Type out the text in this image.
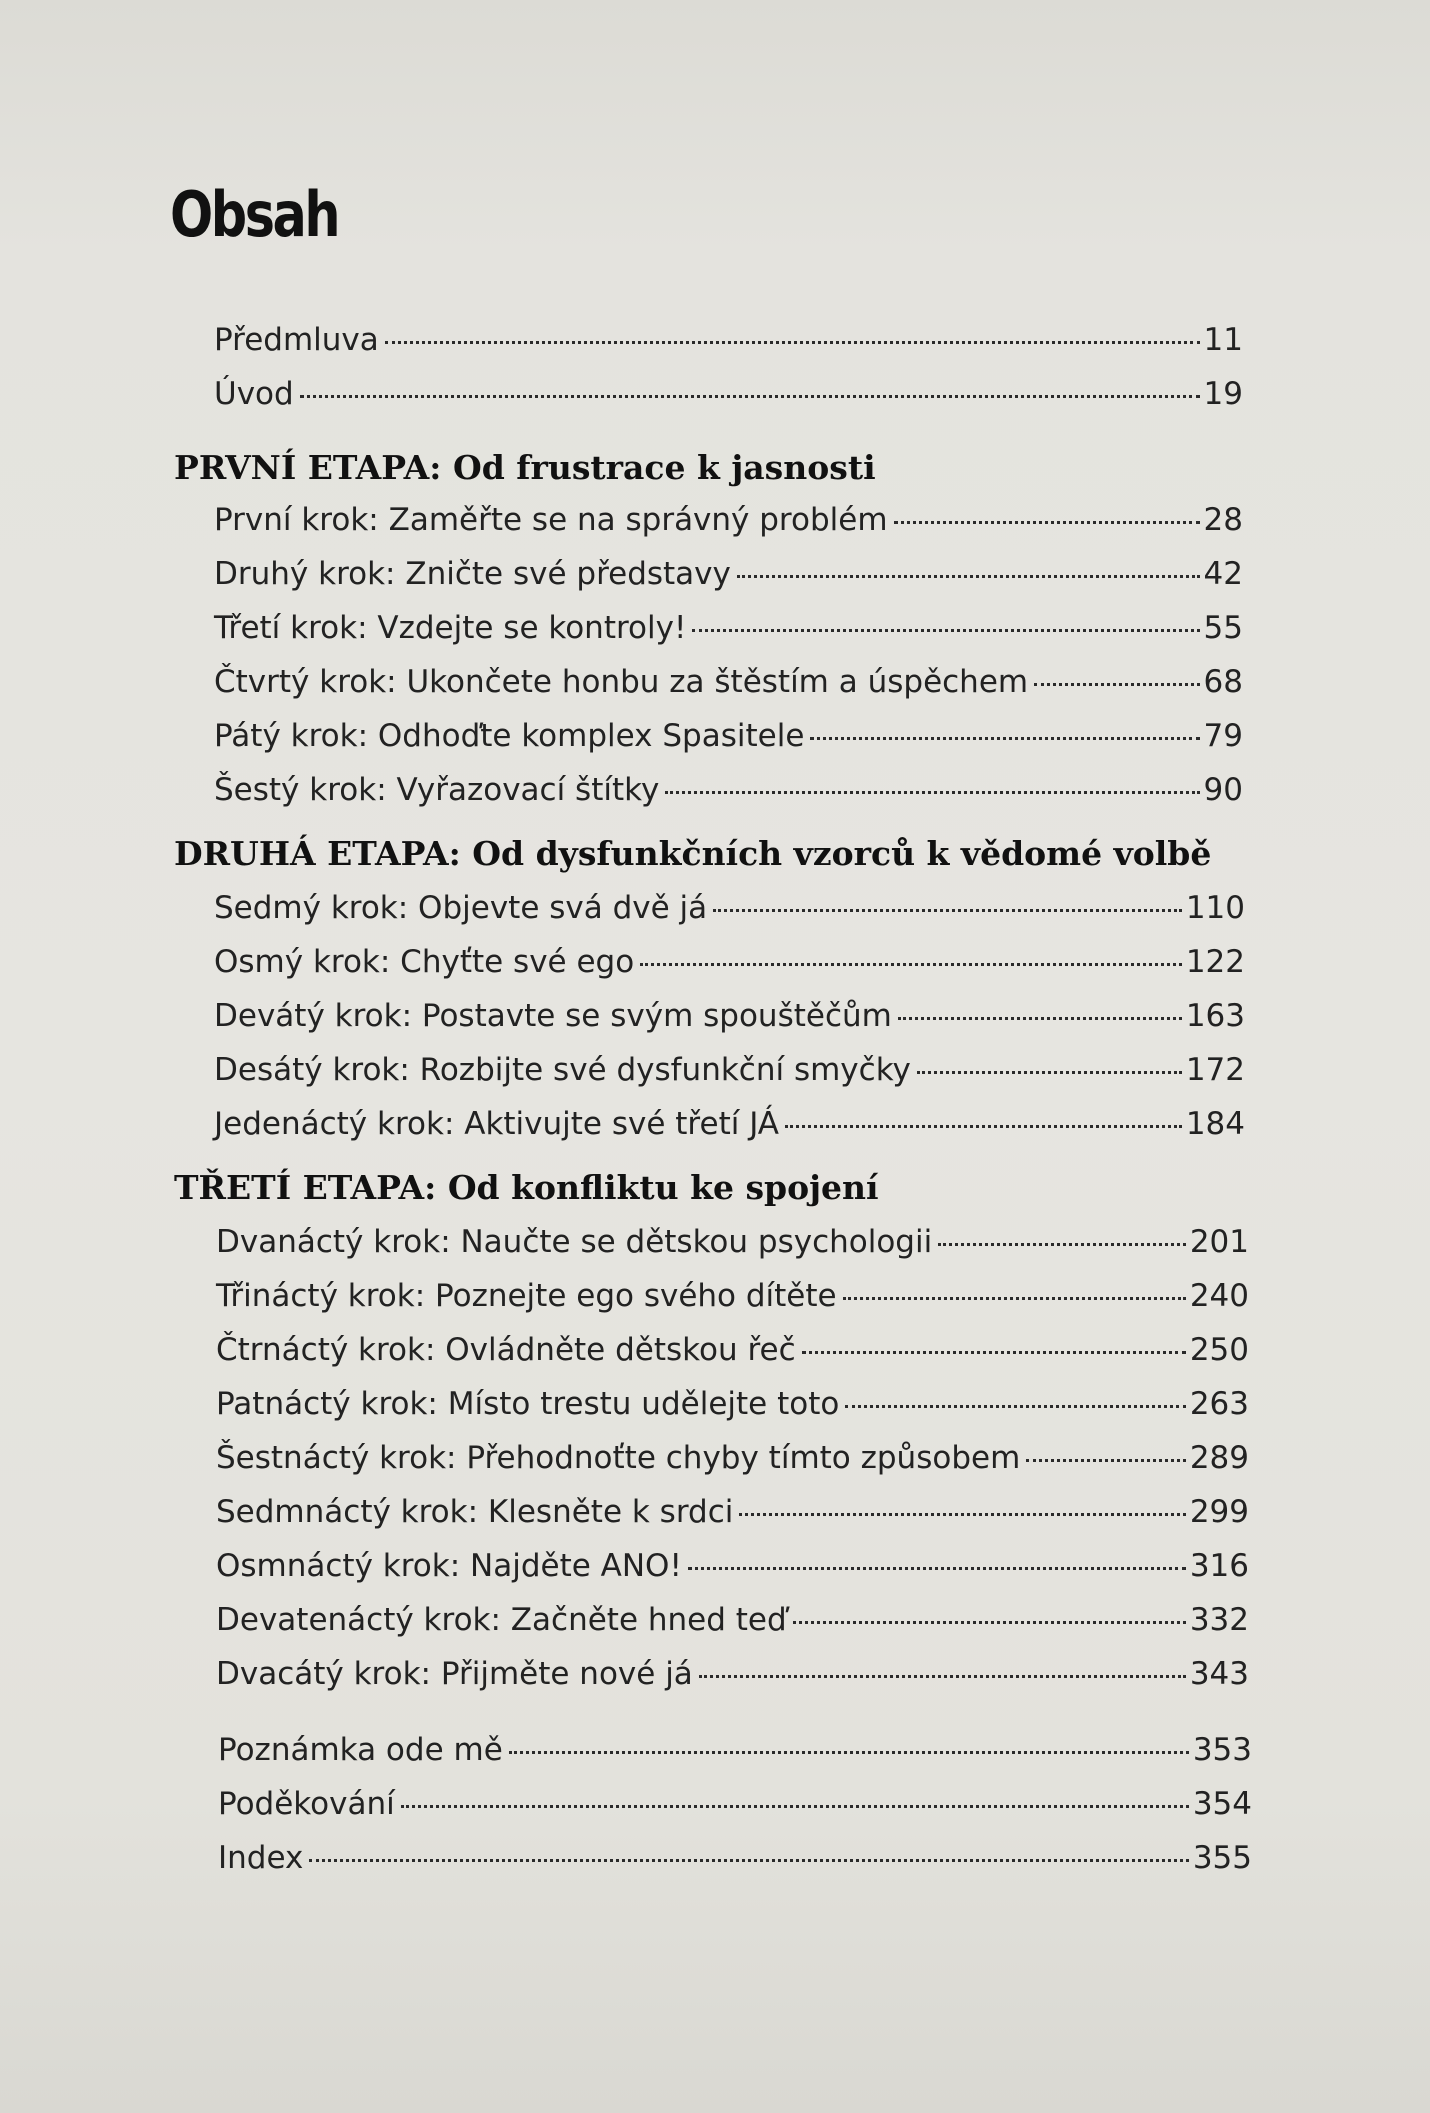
Obsah
Předmluva	11
Úvod	19
PRVNÍ ETAPA: Od frustrace k jasnosti
První krok: Zaměřte se na správný problém	28
Druhý krok: Zničte své představy	42
Třetí krok: Vzdejte se kontroly!	55
Čtvrtý krok: Ukončete honbu za štěstím a úspěchem	68
Pátý krok: Odhoďte komplex Spasitele	79
Šestý krok: Vyřazovací štítky	90
DRUHÁ ETAPA: Od dysfunkčních vzorců k vědomé volbě
Sedmý krok: Objevte svá dvě já	110
Osmý krok: Chyťte své ego	122
Devátý krok: Postavte se svým spouštěčům	163
Desátý krok: Rozbijte své dysfunkční smyčky	172
Jedenáctý krok: Aktivujte své třetí JÁ	184
TŘETÍ ETAPA: Od konfliktu ke spojení
Dvanáctý krok: Naučte se dětskou psychologii	201
Třináctý krok: Poznejte ego svého dítěte	240
Čtrnáctý krok: Ovládněte dětskou řeč	250
Patnáctý krok: Místo trestu udělejte toto	263
Šestnáctý krok: Přehodnoťte chyby tímto způsobem	289
Sedmnáctý krok: Klesněte k srdci	299
Osmnáctý krok: Najděte ANO!	316
Devatenáctý krok: Začněte hned teď	332
Dvacátý krok: Přijměte nové já	343
Poznámka ode mě	353
Poděkování	354
Index	355
